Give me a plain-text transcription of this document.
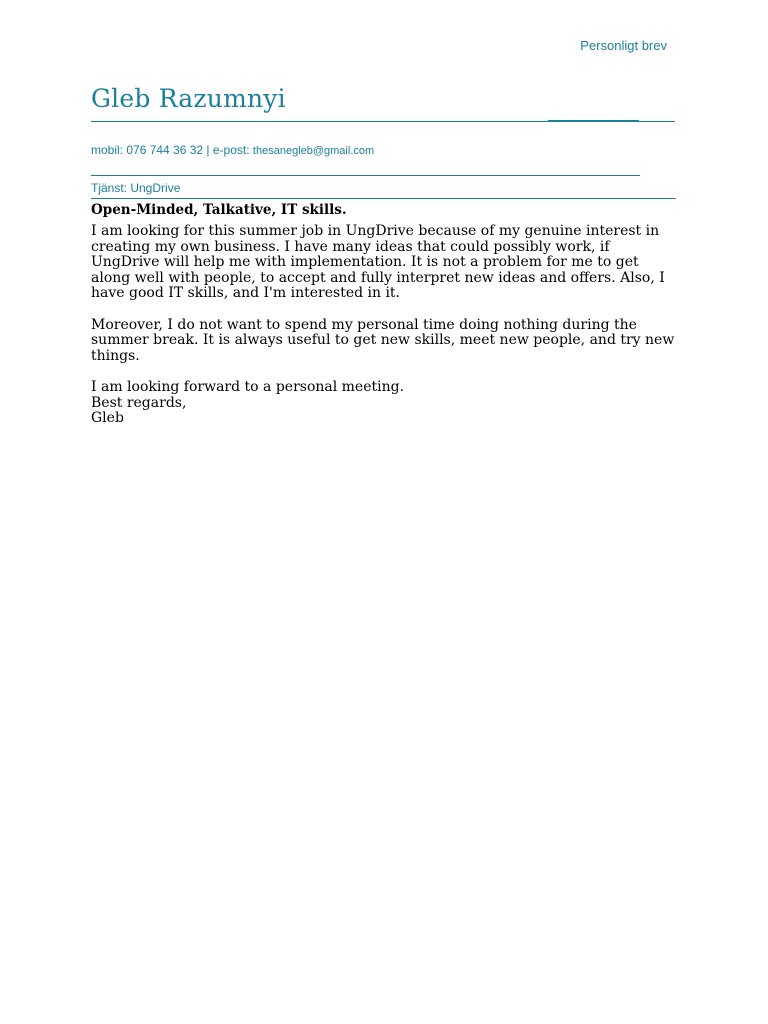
Personligt brev
Gleb Razumnyi
mobil: 076 744 36 32 | e-post: thesanegleb@gmail.com
Tjänst: UngDrive
Open-Minded, Talkative, IT skills.

I am looking for this summer job in UngDrive because of my genuine interest in creating my own business. I have many ideas that could possibly work, if UngDrive will help me with implementation. It is not a problem for me to get along well with people, to accept and fully interpret new ideas and offers. Also, I have good IT skills, and I'm interested in it.

Moreover, I do not want to spend my personal time doing nothing during the summer break. It is always useful to get new skills, meet new people, and try new things.

I am looking forward to a personal meeting.
Best regards,
Gleb
